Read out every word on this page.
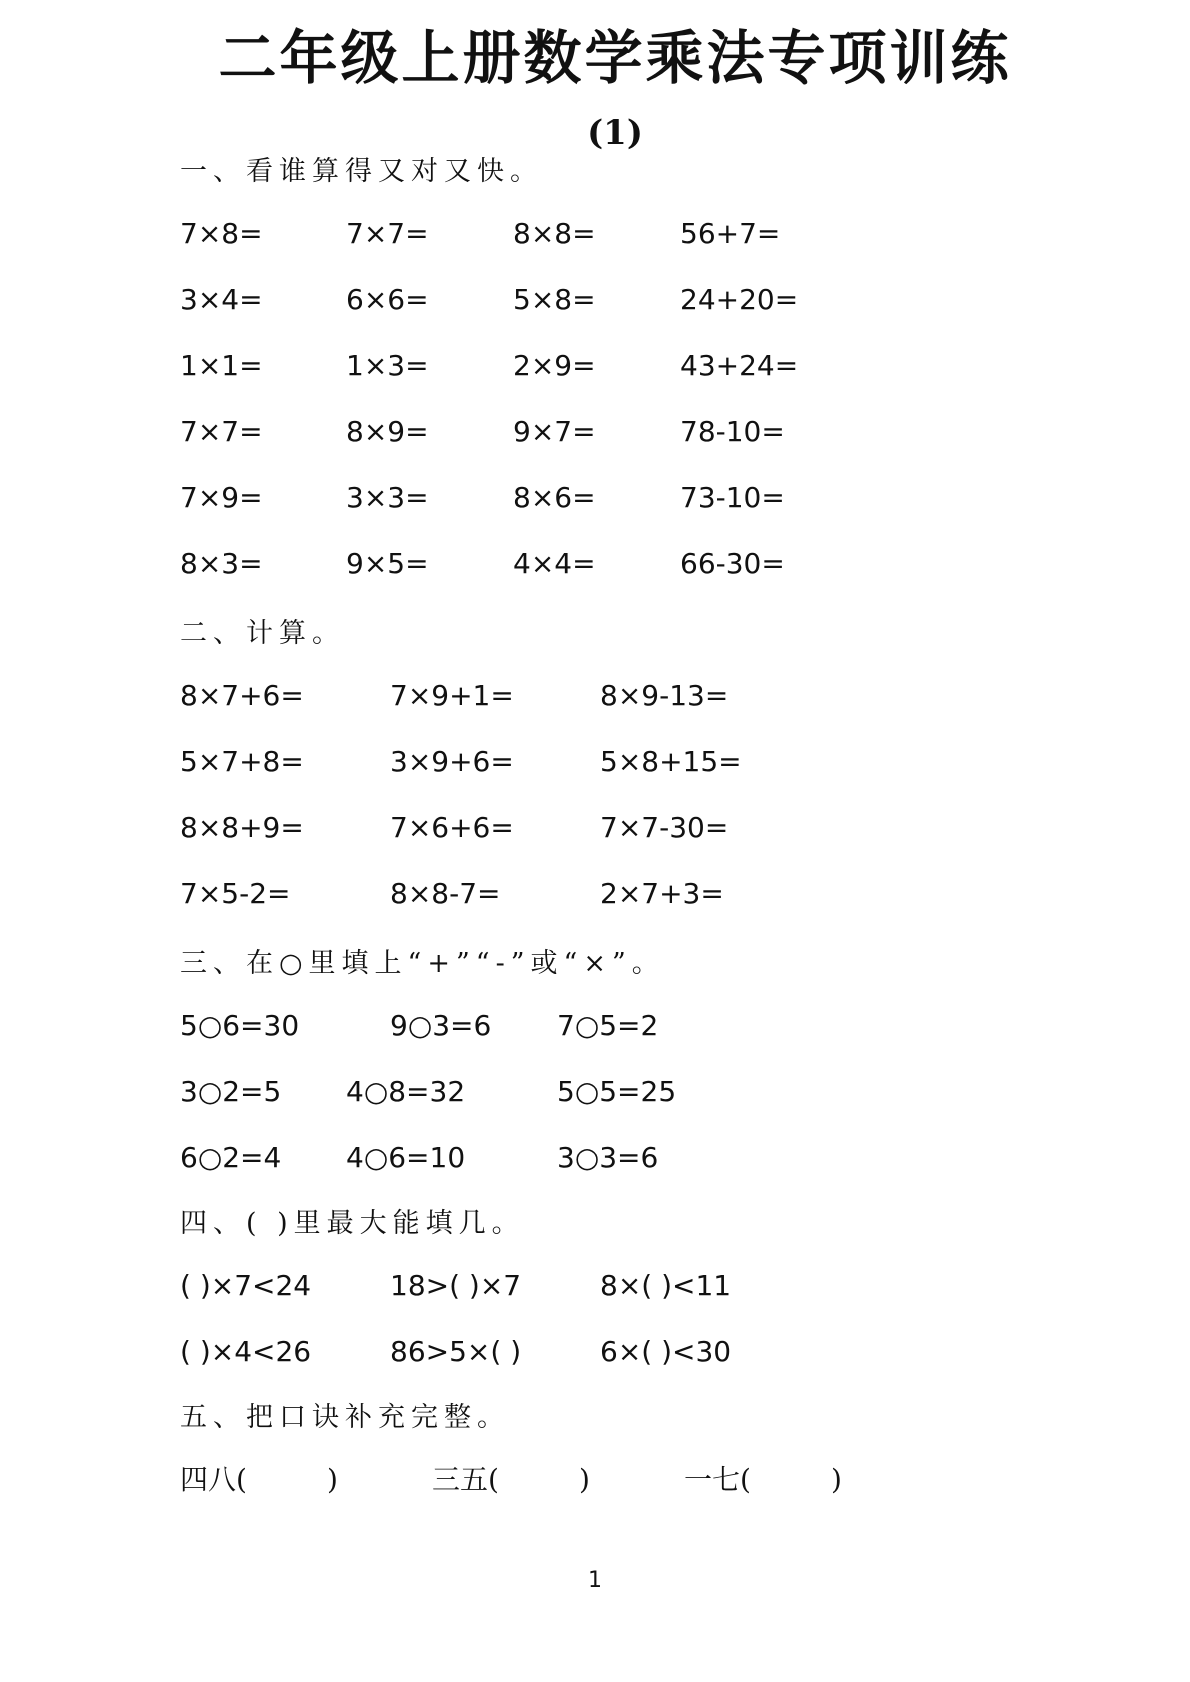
二年级上册数学乘法专项训练
(1)
一、看谁算得又对又快。
7×8=	7×7=	8×8=	56+7=
3×4=	6×6=	5×8=	24+20=
1×1=	1×3=	2×9=	43+24=
7×7=	8×9=	9×7=	78-10=
7×9=	3×3=	8×6=	73-10=
8×3=	9×5=	4×4=	66-30=
二、计算。
8×7+6=	7×9+1=	8×9-13=
5×7+8=	3×9+6=	5×8+15=
8×8+9=	7×6+6=	7×7-30=
7×5-2=	8×8-7=	2×7+3=
三、在○里填上“+”“-”或“×”。
5○6=30	9○3=6 7○5=2
3○2=5 4○8=32	5○5=25
6○2=4 4○6=10	3○3=6
四、( )里最大能填几。
( )×7<24	18>( )×7	8×( )<11
( )×4<26	86>5×( )	6×( )<30
五、把口诀补充完整。
四八(         )	三五(         )	一七(         )
1
